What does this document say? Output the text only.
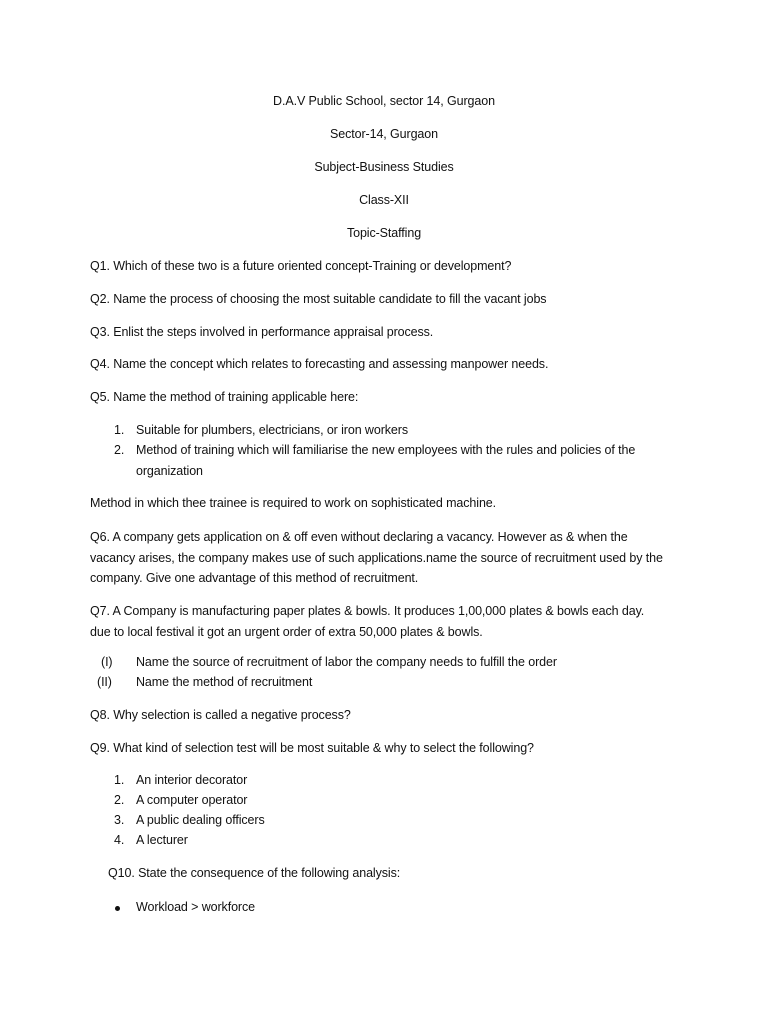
D.A.V Public School, sector 14, Gurgaon
Sector-14, Gurgaon
Subject-Business Studies
Class-XII
Topic-Staffing
Q1. Which of these two is a future oriented concept-Training or development?
Q2. Name the process of choosing the most suitable candidate to fill the vacant jobs
Q3. Enlist the steps involved in performance appraisal process.
Q4. Name the concept which relates to forecasting and assessing manpower needs.
Q5. Name the method of training applicable here:
1. Suitable for plumbers, electricians, or iron workers
2. Method of training which will familiarise the new employees with the rules and policies of the
organization
Method in which thee trainee is required to work on sophisticated machine.
Q6. A company gets application on & off even without declaring a vacancy. However as & when the
vacancy arises, the company makes use of such applications.name the source of recruitment used by the
company. Give one advantage of this method of recruitment.
Q7. A Company is manufacturing paper plates & bowls. It produces 1,00,000 plates & bowls each day.
due to local festival it got an urgent order of extra 50,000 plates & bowls.
(I) Name the source of recruitment of labor the company needs to fulfill the order
(II) Name the method of recruitment
Q8. Why selection is called a negative process?
Q9. What kind of selection test will be most suitable & why to select the following?
1. An interior decorator
2. A computer operator
3. A public dealing officers
4. A lecturer
Q10. State the consequence of the following analysis:
Workload > workforce
